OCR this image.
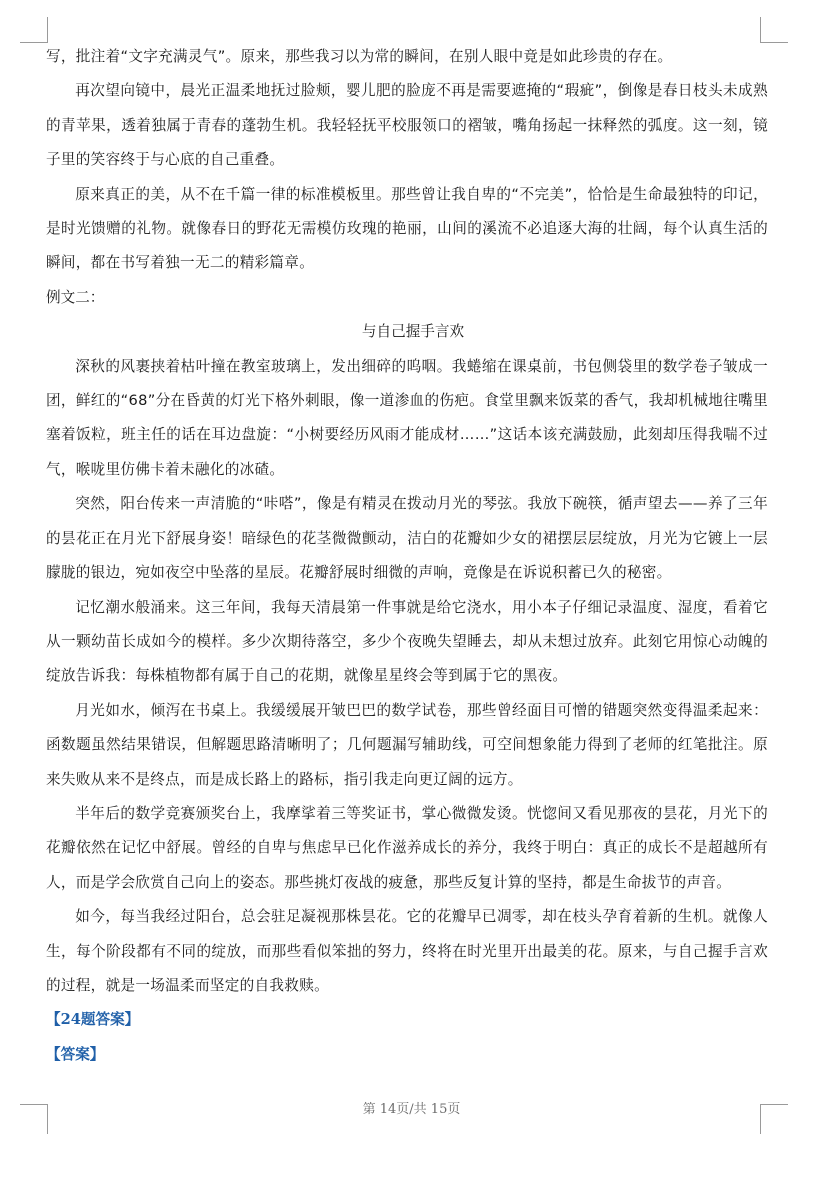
写，批注着“文字充满灵气”。原来，那些我习以为常的瞬间，在别人眼中竟是如此珍贵的存在。

再次望向镜中，晨光正温柔地抚过脸颊，婴儿肥的脸庞不再是需要遮掩的“瑕疵”，倒像是春日枝头未成熟的青苹果，透着独属于青春的蓬勃生机。我轻轻抚平校服领口的褶皱，嘴角扬起一抹释然的弧度。这一刻，镜子里的笑容终于与心底的自己重叠。

原来真正的美，从不在千篇一律的标准模板里。那些曾让我自卑的“不完美”，恰恰是生命最独特的印记，是时光馈赠的礼物。就像春日的野花无需模仿玫瑰的艳丽，山间的溪流不必追逐大海的壮阔，每个认真生活的瞬间，都在书写着独一无二的精彩篇章。

例文二：

与自己握手言欢

深秋的风裹挟着枯叶撞在教室玻璃上，发出细碎的呜咽。我蜷缩在课桌前，书包侧袋里的数学卷子皱成一团，鲜红的“68”分在昏黄的灯光下格外刺眼，像一道渗血的伤疤。食堂里飘来饭菜的香气，我却机械地往嘴里塞着饭粒，班主任的话在耳边盘旋：“小树要经历风雨才能成材……”这话本该充满鼓励，此刻却压得我喘不过气，喉咙里仿佛卡着未融化的冰碴。

突然，阳台传来一声清脆的“咔嗒”，像是有精灵在拨动月光的琴弦。我放下碗筷，循声望去——养了三年的昙花正在月光下舒展身姿！暗绿色的花茎微微颤动，洁白的花瓣如少女的裙摆层层绽放，月光为它镀上一层朦胧的银边，宛如夜空中坠落的星辰。花瓣舒展时细微的声响，竟像是在诉说积蓄已久的秘密。

记忆潮水般涌来。这三年间，我每天清晨第一件事就是给它浇水，用小本子仔细记录温度、湿度，看着它从一颗幼苗长成如今的模样。多少次期待落空，多少个夜晚失望睡去，却从未想过放弃。此刻它用惊心动魄的绽放告诉我：每株植物都有属于自己的花期，就像星星终会等到属于它的黑夜。

月光如水，倾泻在书桌上。我缓缓展开皱巴巴的数学试卷，那些曾经面目可憎的错题突然变得温柔起来：函数题虽然结果错误，但解题思路清晰明了；几何题漏写辅助线，可空间想象能力得到了老师的红笔批注。原来失败从来不是终点，而是成长路上的路标，指引我走向更辽阔的远方。

半年后的数学竞赛颁奖台上，我摩挲着三等奖证书，掌心微微发烫。恍惚间又看见那夜的昙花，月光下的花瓣依然在记忆中舒展。曾经的自卑与焦虑早已化作滋养成长的养分，我终于明白：真正的成长不是超越所有人，而是学会欣赏自己向上的姿态。那些挑灯夜战的疲惫，那些反复计算的坚持，都是生命拔节的声音。

如今，每当我经过阳台，总会驻足凝视那株昙花。它的花瓣早已凋零，却在枝头孕育着新的生机。就像人生，每个阶段都有不同的绽放，而那些看似笨拙的努力，终将在时光里开出最美的花。原来，与自己握手言欢的过程，就是一场温柔而坚定的自我救赎。

【24题答案】

【答案】

第 14页/共 15页
